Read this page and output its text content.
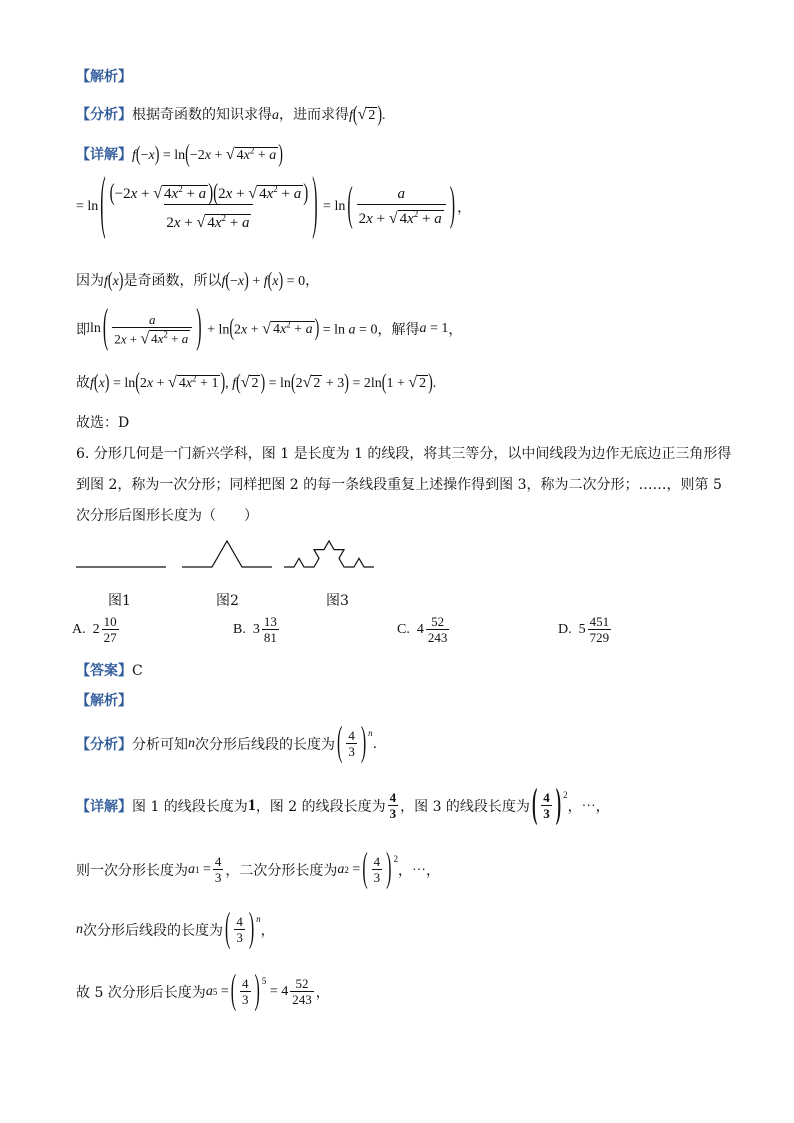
【解析】
【分析】根据奇函数的知识求得a，进而求得f(√ 2 ).
【详解】f(−x) = ln(−2x + √ $4x^2 + a$ )
= ln ( $\frac{(-2x + √ 4x^2 + a )(2x + √ 4x^2 + a )}{2x + √ 4x^2 + a}$ ) = ln ( $\frac{a}{2x + √ 4x^2 + a}$ ) ，
因为f(x)是奇函数，所以f(−x) + f(x) = 0，
即 ln ( $\frac{a}{2x + √ 4x^2 + a}$ ) + ln(2x + √ $4x^2 + a$ ) = ln a = 0 ，解得 a = 1 ，
故f(x) = ln(2x + √ $4x^2 + 1$ ), f(√ 2 ) = ln(2√ 2 + 3) = 2ln(1 + √ 2 ).
故选：D
6. 分形几何是一门新兴学科，图 1 是长度为 1 的线段，将其三等分，以中间线段为边作无底边正三角形得
到图 2，称为一次分形；同样把图 2 的每一条线段重复上述操作得到图 3，称为二次分形；……，则第 5
次分形后图形长度为（　　）
图1	图2	图3
A.
$2 \frac{10}{27}$	B.
$3 \frac{13}{81}$	C.
$4 \frac{52}{243}$	D.
$5 \frac{451}{729}$
【答案】C
【解析】
【分析】 分析可知 n 次分形后线段的长度为 ( $\frac{4}{3} )^n$
.
【详解】 图 1 的线段长度为 1 ，图 2 的线段长度为 $\frac{4}{3}$ ，图 3 的线段长度为 ( $\frac{4}{3} )^2$
，⋯，
则一次分形长度为 a $1 = \frac{4}{3}$ ，二次分形长度为 a 2 = ( $\frac{4}{3} )^2$
，⋯，
n 次分形后线段的长度为 ( $\frac{4}{3} )^n$
，
故 5 次分形后长度为 a 5 = ( $\frac{4}{3} )^5$
= $4 \frac{52}{243}$ ，
